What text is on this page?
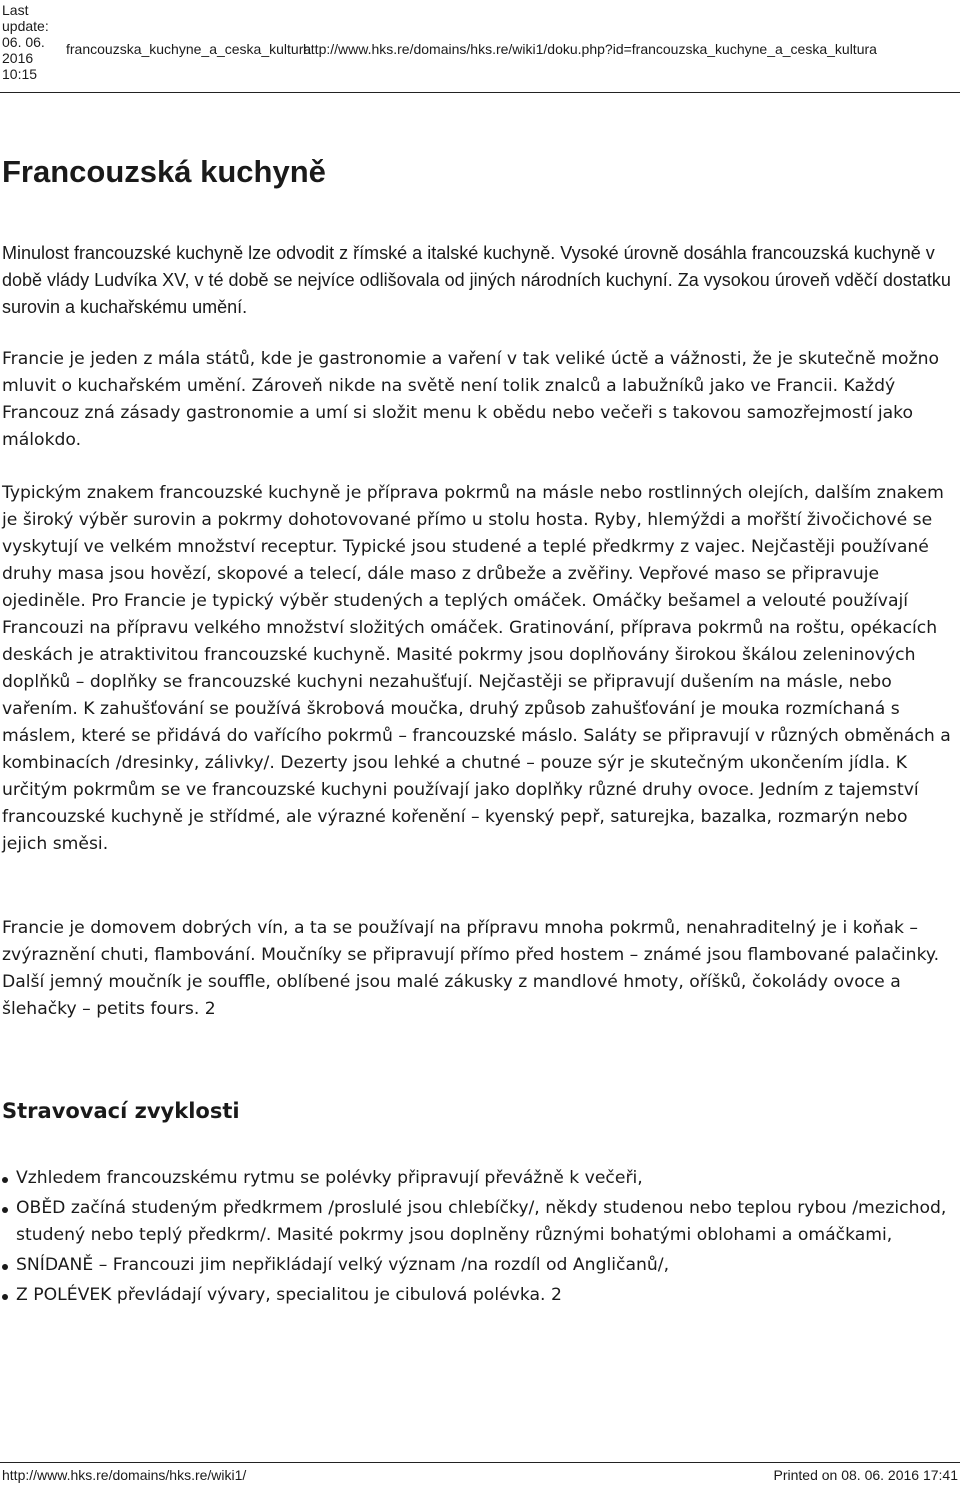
Last update: 06. 06. 2016 10:15
francouzska_kuchyne_a_ceska_kultura
http://www.hks.re/domains/hks.re/wiki1/doku.php?id=francouzska_kuchyne_a_ceska_kultura
Francouzská kuchyně

Minulost francouzské kuchyně lze odvodit z římské a italské kuchyně. Vysoké úrovně dosáhla francouzská kuchyně v době vlády Ludvíka XV, v té době se nejvíce odlišovala od jiných národních kuchyní. Za vysokou úroveň vděčí dostatku surovin a kuchařskému umění.

Francie je jeden z mála států, kde je gastronomie a vaření v tak veliké úctě a vážnosti, že je skutečně možno mluvit o kuchařském umění. Zároveň nikde na světě není tolik znalců a labužníků jako ve Francii. Každý Francouz zná zásady gastronomie a umí si složit menu k obědu nebo večeři s takovou samozřejmostí jako málokdo.

Typickým znakem francouzské kuchyně je příprava pokrmů na másle nebo rostlinných olejích, dalším znakem je široký výběr surovin a pokrmy dohotovované přímo u stolu hosta. Ryby, hlemýždi a mořští živočichové se vyskytují ve velkém množství receptur. Typické jsou studené a teplé předkrmy z vajec. Nejčastěji používané druhy masa jsou hovězí, skopové a telecí, dále maso z drůbeže a zvěřiny. Vepřové maso se připravuje ojediněle. Pro Francie je typický výběr studených a teplých omáček. Omáčky bešamel a velouté používají Francouzi na přípravu velkého množství složitých omáček. Gratinování, příprava pokrmů na roštu, opékacích deskách je atraktivitou francouzské kuchyně. Masité pokrmy jsou doplňovány širokou škálou zeleninových doplňků – doplňky se francouzské kuchyni nezahušťují. Nejčastěji se připravují dušením na másle, nebo vařením. K zahušťování se používá škrobová moučka, druhý způsob zahušťování je mouka rozmíchaná s máslem, které se přidává do vařícího pokrmů – francouzské máslo. Saláty se připravují v různých obměnách a kombinacích /dresinky, zálivky/. Dezerty jsou lehké a chutné – pouze sýr je skutečným ukončením jídla. K určitým pokrmům se ve francouzské kuchyni používají jako doplňky různé druhy ovoce. Jedním z tajemství francouzské kuchyně je střídmé, ale výrazné kořenění – kyenský pepř, saturejka, bazalka, rozmarýn nebo jejich směsi.

Francie je domovem dobrých vín, a ta se používají na přípravu mnoha pokrmů, nenahraditelný je i koňak – zvýraznění chuti, flambování. Moučníky se připravují přímo před hostem – známé jsou flambované palačinky. Další jemný moučník je souffle, oblíbené jsou malé zákusky z mandlové hmoty, oříšků, čokolády ovoce a šlehačky – petits fours. 2

Stravovací zvyklosti
Vzhledem francouzskému rytmu se polévky připravují převážně k večeři,
OBĚD začíná studeným předkrmem /proslulé jsou chlebíčky/, někdy studenou nebo teplou rybou /mezichod, studený nebo teplý předkrm/. Masité pokrmy jsou doplněny různými bohatými oblohami a omáčkami,
SNÍDANĚ – Francouzi jim nepřikládají velký význam /na rozdíl od Angličanů/,
Z POLÉVEK převládají vývary, specialitou je cibulová polévka. 2
http://www.hks.re/domains/hks.re/wiki1/	Printed on 08. 06. 2016 17:41
